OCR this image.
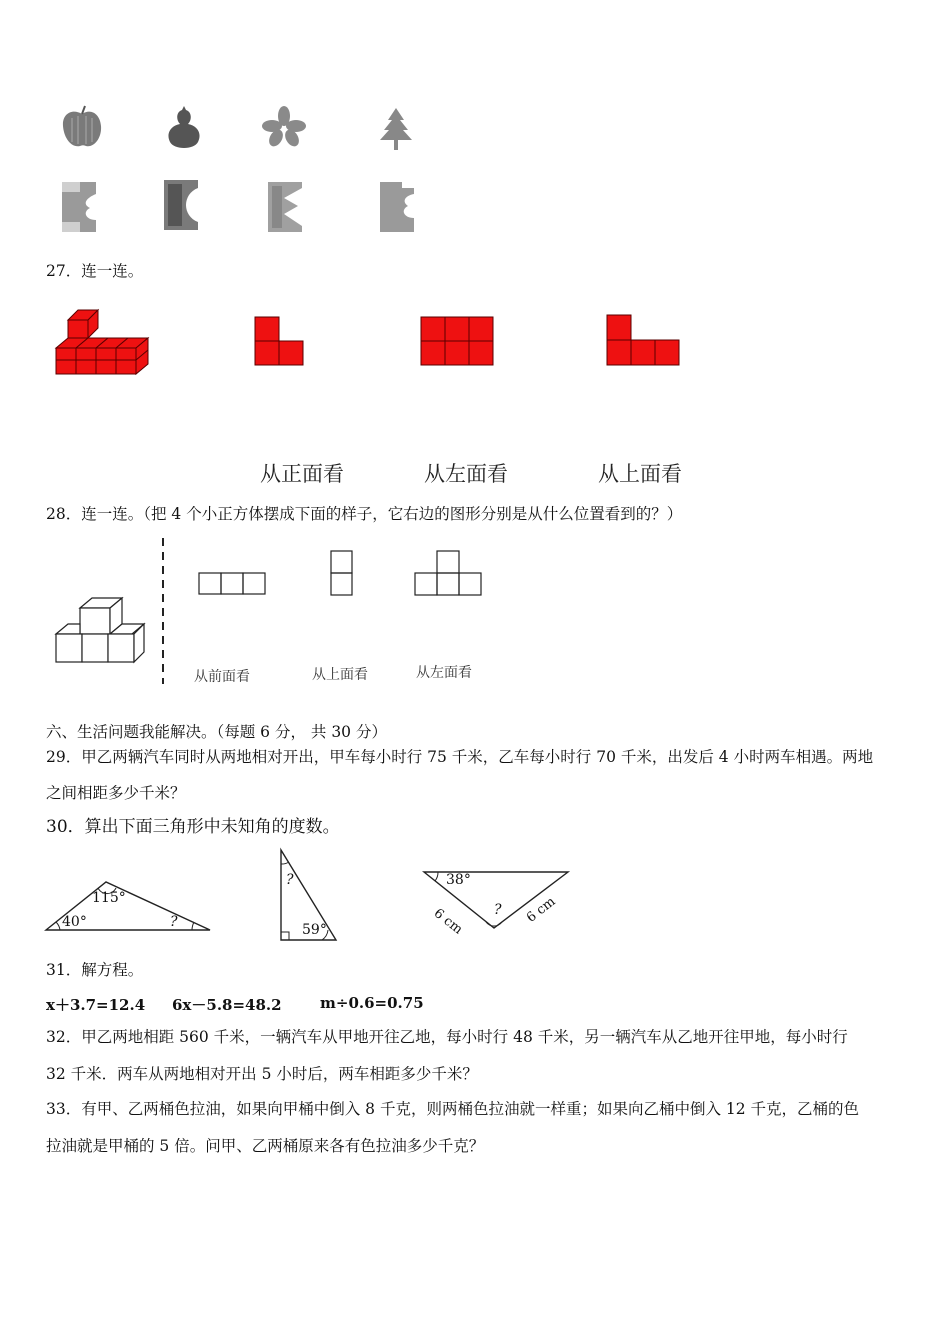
27．连一连。
从正面看	从左面看	从上面看
28．连一连。（把 4 个小正方体摆成下面的样子，它右边的图形分别是从什么位置看到的？）
从前面看	从上面看	从左面看
六、生活问题我能解决。（每题 6 分， 共 30 分）
29．甲乙两辆汽车同时从两地相对开出，甲车每小时行 75 千米，乙车每小时行 70 千米，出发后 4 小时两车相遇。两地
之间相距多少千米？
30．算出下面三角形中未知角的度数。
115°
40°	?
?
59°
38°
6 cm	6 cm
?
31．解方程。
x＋3.7=12.4 6x－5.8=48.2	m÷0.6=0.75
32．甲乙两地相距 560 千米，一辆汽车从甲地开往乙地，每小时行 48 千米，另一辆汽车从乙地开往甲地，每小时行
32 千米．两车从两地相对开出 5 小时后，两车相距多少千米？
33．有甲、乙两桶色拉油，如果向甲桶中倒入 8 千克，则两桶色拉油就一样重；如果向乙桶中倒入 12 千克，乙桶的色
拉油就是甲桶的 5 倍。问甲、乙两桶原来各有色拉油多少千克？
